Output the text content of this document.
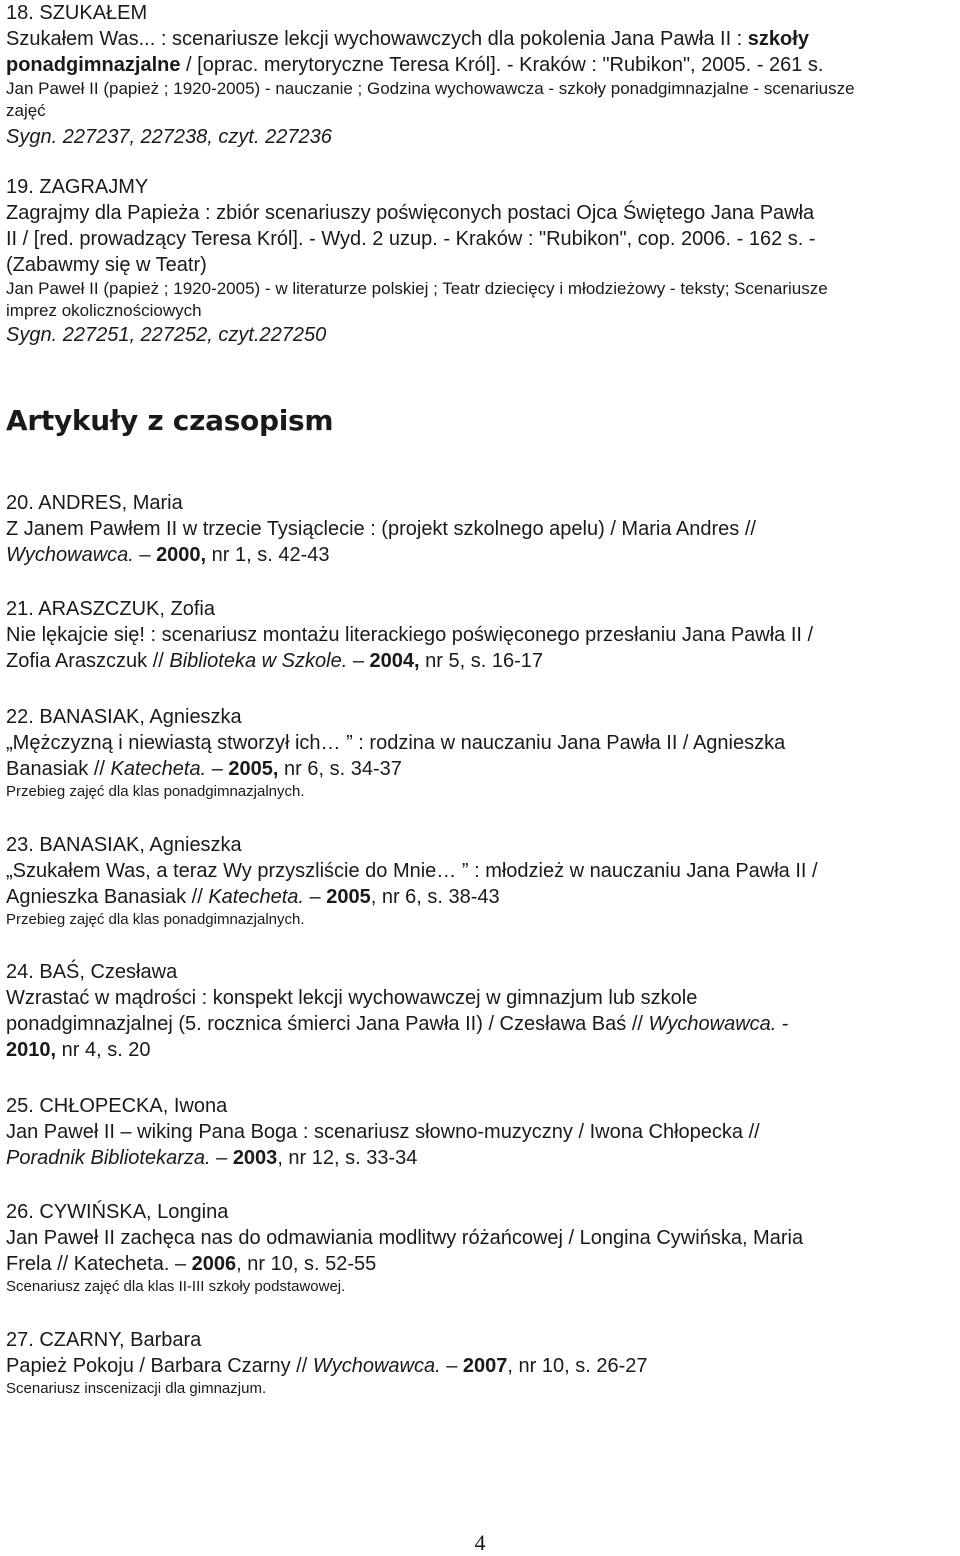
18. SZUKAŁEM
Szukałem Was... : scenariusze lekcji wychowawczych dla pokolenia Jana Pawła II : szkoły
ponadgimnazjalne / [oprac. merytoryczne Teresa Król]. - Kraków : "Rubikon", 2005. - 261 s.
Jan Paweł II (papież ; 1920-2005) - nauczanie ; Godzina wychowawcza - szkoły ponadgimnazjalne - scenariusze
zajęć
Sygn. 227237, 227238, czyt. 227236
19. ZAGRAJMY
Zagrajmy dla Papieża : zbiór scenariuszy poświęconych postaci Ojca Świętego Jana Pawła
II / [red. prowadzący Teresa Król]. - Wyd. 2 uzup. - Kraków : "Rubikon", cop. 2006. - 162 s. -
(Zabawmy się w Teatr)
Jan Paweł II (papież ; 1920-2005) - w literaturze polskiej ; Teatr dziecięcy i młodzieżowy - teksty; Scenariusze
imprez okolicznościowych
Sygn. 227251, 227252, czyt.227250
Artykuły z czasopism
20. ANDRES, Maria
Z Janem Pawłem II w trzecie Tysiąclecie : (projekt szkolnego apelu) / Maria Andres //
Wychowawca. – 2000, nr 1, s. 42-43
21. ARASZCZUK, Zofia
Nie lękajcie się! : scenariusz montażu literackiego poświęconego przesłaniu Jana Pawła II /
Zofia Araszczuk // Biblioteka w Szkole. – 2004, nr 5, s. 16-17
22. BANASIAK, Agnieszka
„Mężczyzną i niewiastą stworzył ich… ” : rodzina w nauczaniu Jana Pawła II / Agnieszka
Banasiak // Katecheta. – 2005, nr 6, s. 34-37
Przebieg zajęć dla klas ponadgimnazjalnych.
23. BANASIAK, Agnieszka
„Szukałem Was, a teraz Wy przyszliście do Mnie… ” : młodzież w nauczaniu Jana Pawła II /
Agnieszka Banasiak // Katecheta. – 2005, nr 6, s. 38-43
Przebieg zajęć dla klas ponadgimnazjalnych.
24. BAŚ, Czesława
Wzrastać w mądrości : konspekt lekcji wychowawczej w gimnazjum lub szkole
ponadgimnazjalnej (5. rocznica śmierci Jana Pawła II) / Czesława Baś // Wychowawca. -
2010, nr 4, s. 20
25. CHŁOPECKA, Iwona
Jan Paweł II – wiking Pana Boga : scenariusz słowno-muzyczny / Iwona Chłopecka //
Poradnik Bibliotekarza. – 2003, nr 12, s. 33-34
26. CYWIŃSKA, Longina
Jan Paweł II zachęca nas do odmawiania modlitwy różańcowej / Longina Cywińska, Maria
Frela // Katecheta. – 2006, nr 10, s. 52-55
Scenariusz zajęć dla klas II-III szkoły podstawowej.
27. CZARNY, Barbara
Papież Pokoju / Barbara Czarny // Wychowawca. – 2007, nr 10, s. 26-27
Scenariusz inscenizacji dla gimnazjum.
4
